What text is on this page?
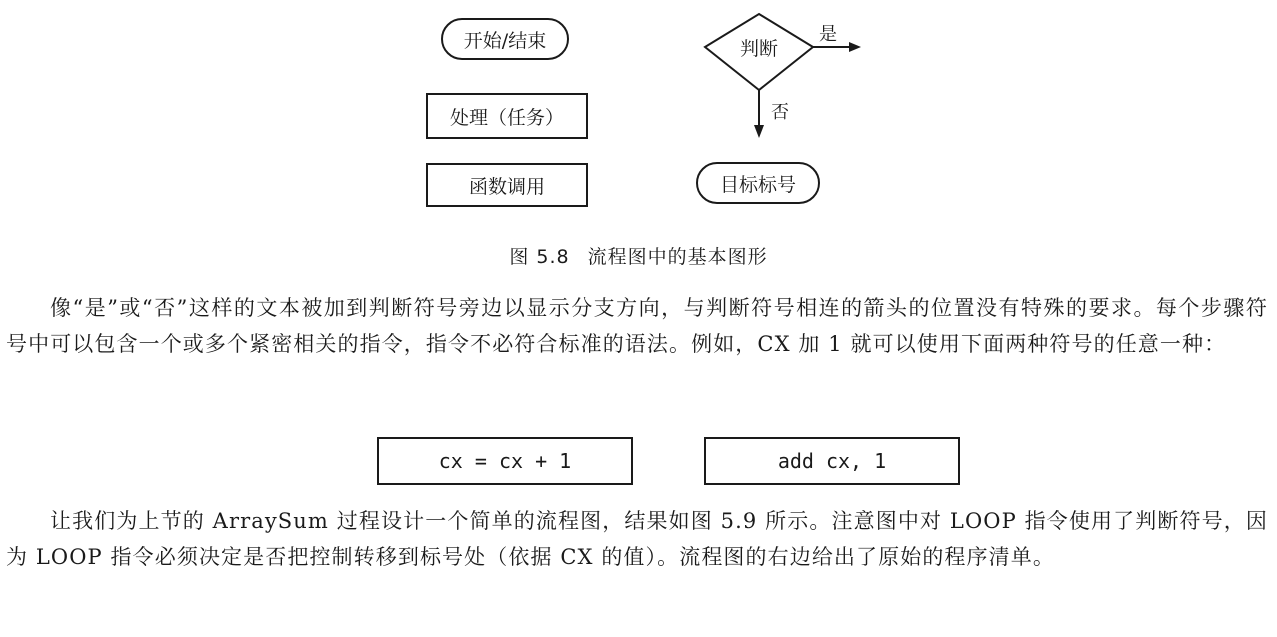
开始/结束
处理（任务）
函数调用
判断
是
否
目标标号
图 5.8 流程图中的基本图形

像“是”或“否”这样的文本被加到判断符号旁边以显示分支方向，与判断符号相连的箭头的位置没有特殊的要求。每个步骤符号中可以包含一个或多个紧密相关的指令，指令不必符合标准的语法。例如，CX 加 1 就可以使用下面两种符号的任意一种：

cx = cx + 1	add cx, 1

让我们为上节的 ArraySum 过程设计一个简单的流程图，结果如图 5.9 所示。注意图中对 LOOP 指令使用了判断符号，因为 LOOP 指令必须决定是否把控制转移到标号处（依据 CX 的值）。流程图的右边给出了原始的程序清单。
